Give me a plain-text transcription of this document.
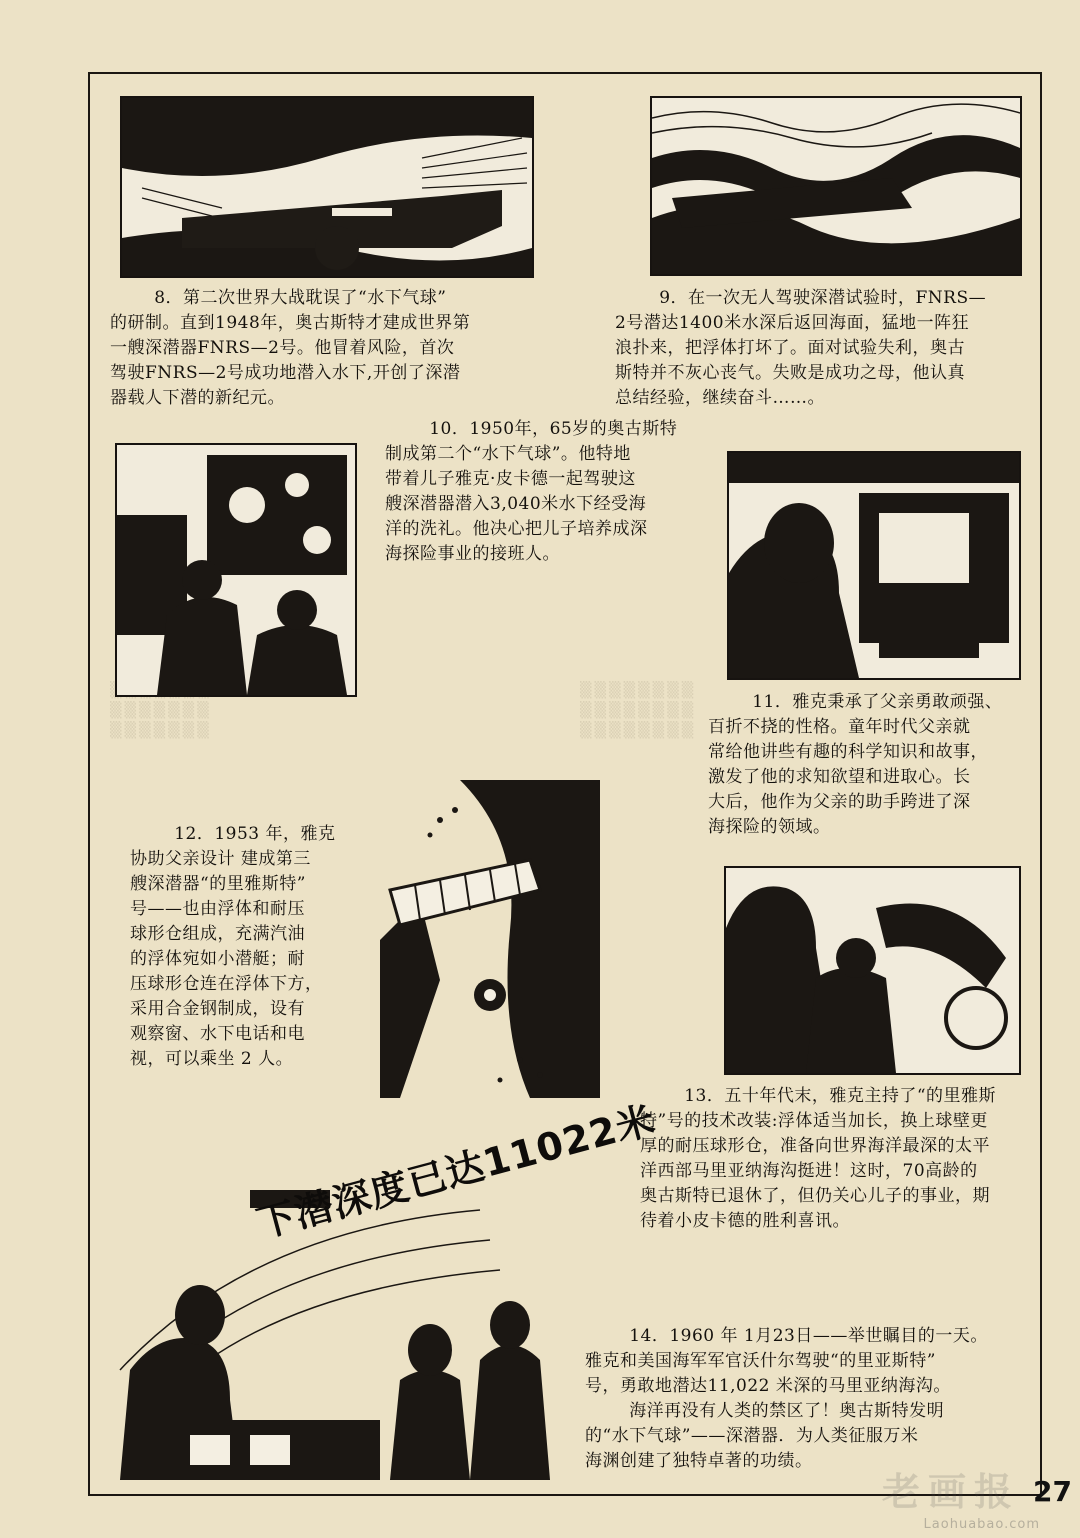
▒▒▒▒▒▒▒▒
▒▒▒▒▒▒▒▒
▒▒▒▒▒▒▒▒

▒▒▒▒▒▒▒
▒▒▒▒▒▒▒
下潜深度已达11022米

8．第二次世界大战耽误了“水下气球”

的研制。直到1948年，奥古斯特才建成世界第

一艘深潜器FNRS—2号。他冒着风险，首次

驾驶FNRS—2号成功地潜入水下,开创了深潜

器载人下潜的新纪元。

9．在一次无人驾驶深潜试验时，FNRS—

2号潜达1400米水深后返回海面，猛地一阵狂

浪扑来，把浮体打坏了。面对试验失利，奥古

斯特并不灰心丧气。失败是成功之母，他认真

总结经验，继续奋斗……。

10．1950年，65岁的奥古斯特

制成第二个“水下气球”。他特地

带着儿子雅克·皮卡德一起驾驶这

艘深潜器潜入3,040米水下经受海

洋的洗礼。他决心把儿子培养成深

海探险事业的接班人。

11．雅克秉承了父亲勇敢顽强、

百折不挠的性格。童年时代父亲就

常给他讲些有趣的科学知识和故事，

激发了他的求知欲望和进取心。长

大后，他作为父亲的助手跨进了深

海探险的领域。

12．1953 年，雅克

协助父亲设计 建成第三

艘深潜器“的里雅斯特”

号——也由浮体和耐压

球形仓组成，充满汽油

的浮体宛如小潜艇；耐

压球形仓连在浮体下方，

采用合金钢制成，设有

观察窗、水下电话和电

视，可以乘坐 2 人。

13．五十年代末，雅克主持了“的里雅斯

特”号的技术改装:浮体适当加长，换上球壁更

厚的耐压球形仓，准备向世界海洋最深的太平

洋西部马里亚纳海沟挺进！这时，70高龄的

奥古斯特已退休了，但仍关心儿子的事业，期

待着小皮卡德的胜利喜讯。

14．1960 年 1月23日——举世瞩目的一天。

雅克和美国海军军官沃什尔驾驶“的里亚斯特”

号，勇敢地潜达11,022 米深的马里亚纳海沟。

海洋再没有人类的禁区了！奥古斯特发明

的“水下气球”——深潜器．为人类征服万米

海渊创建了独特卓著的功绩。

老画报
Laohuabao.com
27
